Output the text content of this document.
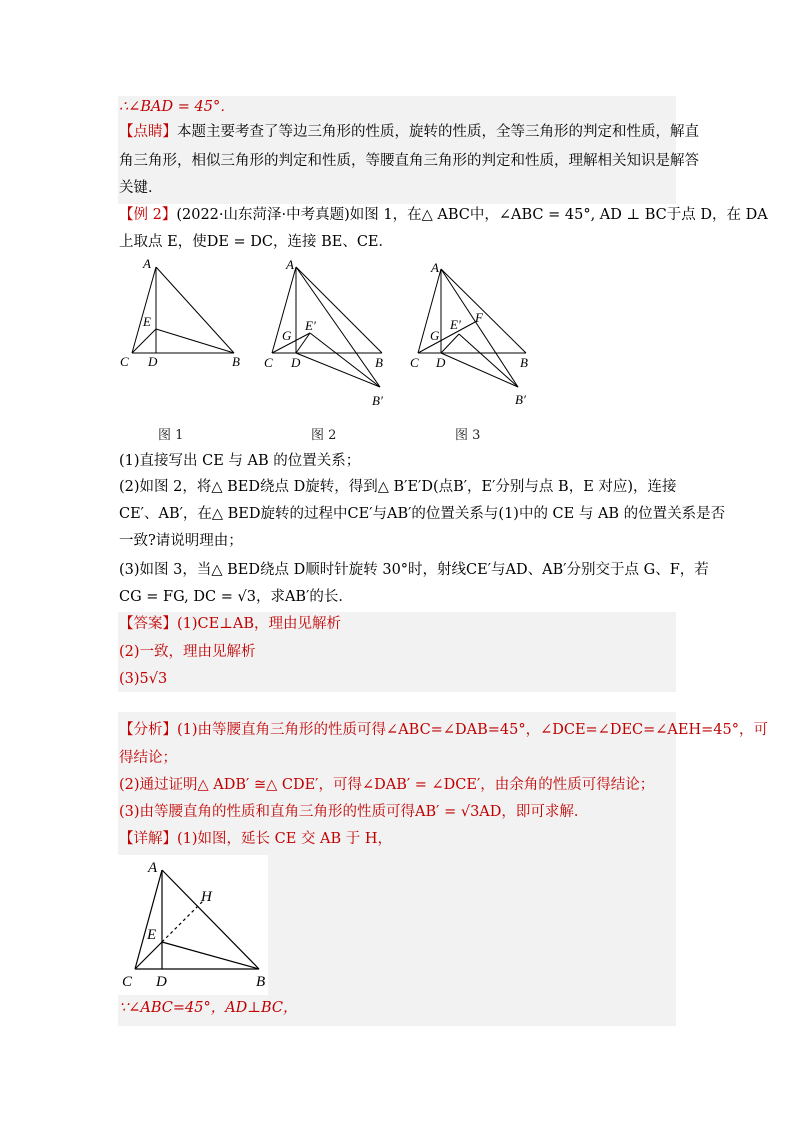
∴∠BAD = 45°．
【点睛】本题主要考查了等边三角形的性质，旋转的性质，全等三角形的判定和性质，解直
角三角形，相似三角形的判定和性质，等腰直角三角形的判定和性质，理解相关知识是解答
关键．
【例 2】(2022·山东菏泽·中考真题)如图 1，在△ ABC中，∠ABC = 45°, AD ⊥ BC于点 D，在 DA
上取点 E，使DE = DC，连接 BE、CE．
A
E
C D	B
图 1
A
E′
G
C D	B
B′
图 2
A
F
E′
G
C D	B
B′
图 3
(1)直接写出 CE 与 AB 的位置关系；
(2)如图 2，将△ BED绕点 D旋转，得到△ B′E′D(点B′，E′分别与点 B，E 对应)，连接
CE′、AB′，在△ BED旋转的过程中CE′与AB′的位置关系与(1)中的 CE 与 AB 的位置关系是否
一致?请说明理由；
(3)如图 3，当△ BED绕点 D顺时针旋转 30°时，射线CE′与AD、AB′分别交于点 G、F，若
CG = FG, DC = √3，求AB′的长．
【答案】(1)CE⊥AB，理由见解析
(2)一致，理由见解析
(3)5√3
【分析】(1)由等腰直角三角形的性质可得∠ABC=∠DAB=45°，∠DCE=∠DEC=∠AEH=45°，可
得结论；
(2)通过证明△ ADB′ ≅△ CDE′，可得∠DAB′ = ∠DCE′，由余角的性质可得结论；
(3)由等腰直角的性质和直角三角形的性质可得AB′ = √3AD，即可求解．
【详解】(1)如图，延长 CE 交 AB 于 H，
A
H
E
C D	B
∵∠ABC=45°，AD⊥BC，
